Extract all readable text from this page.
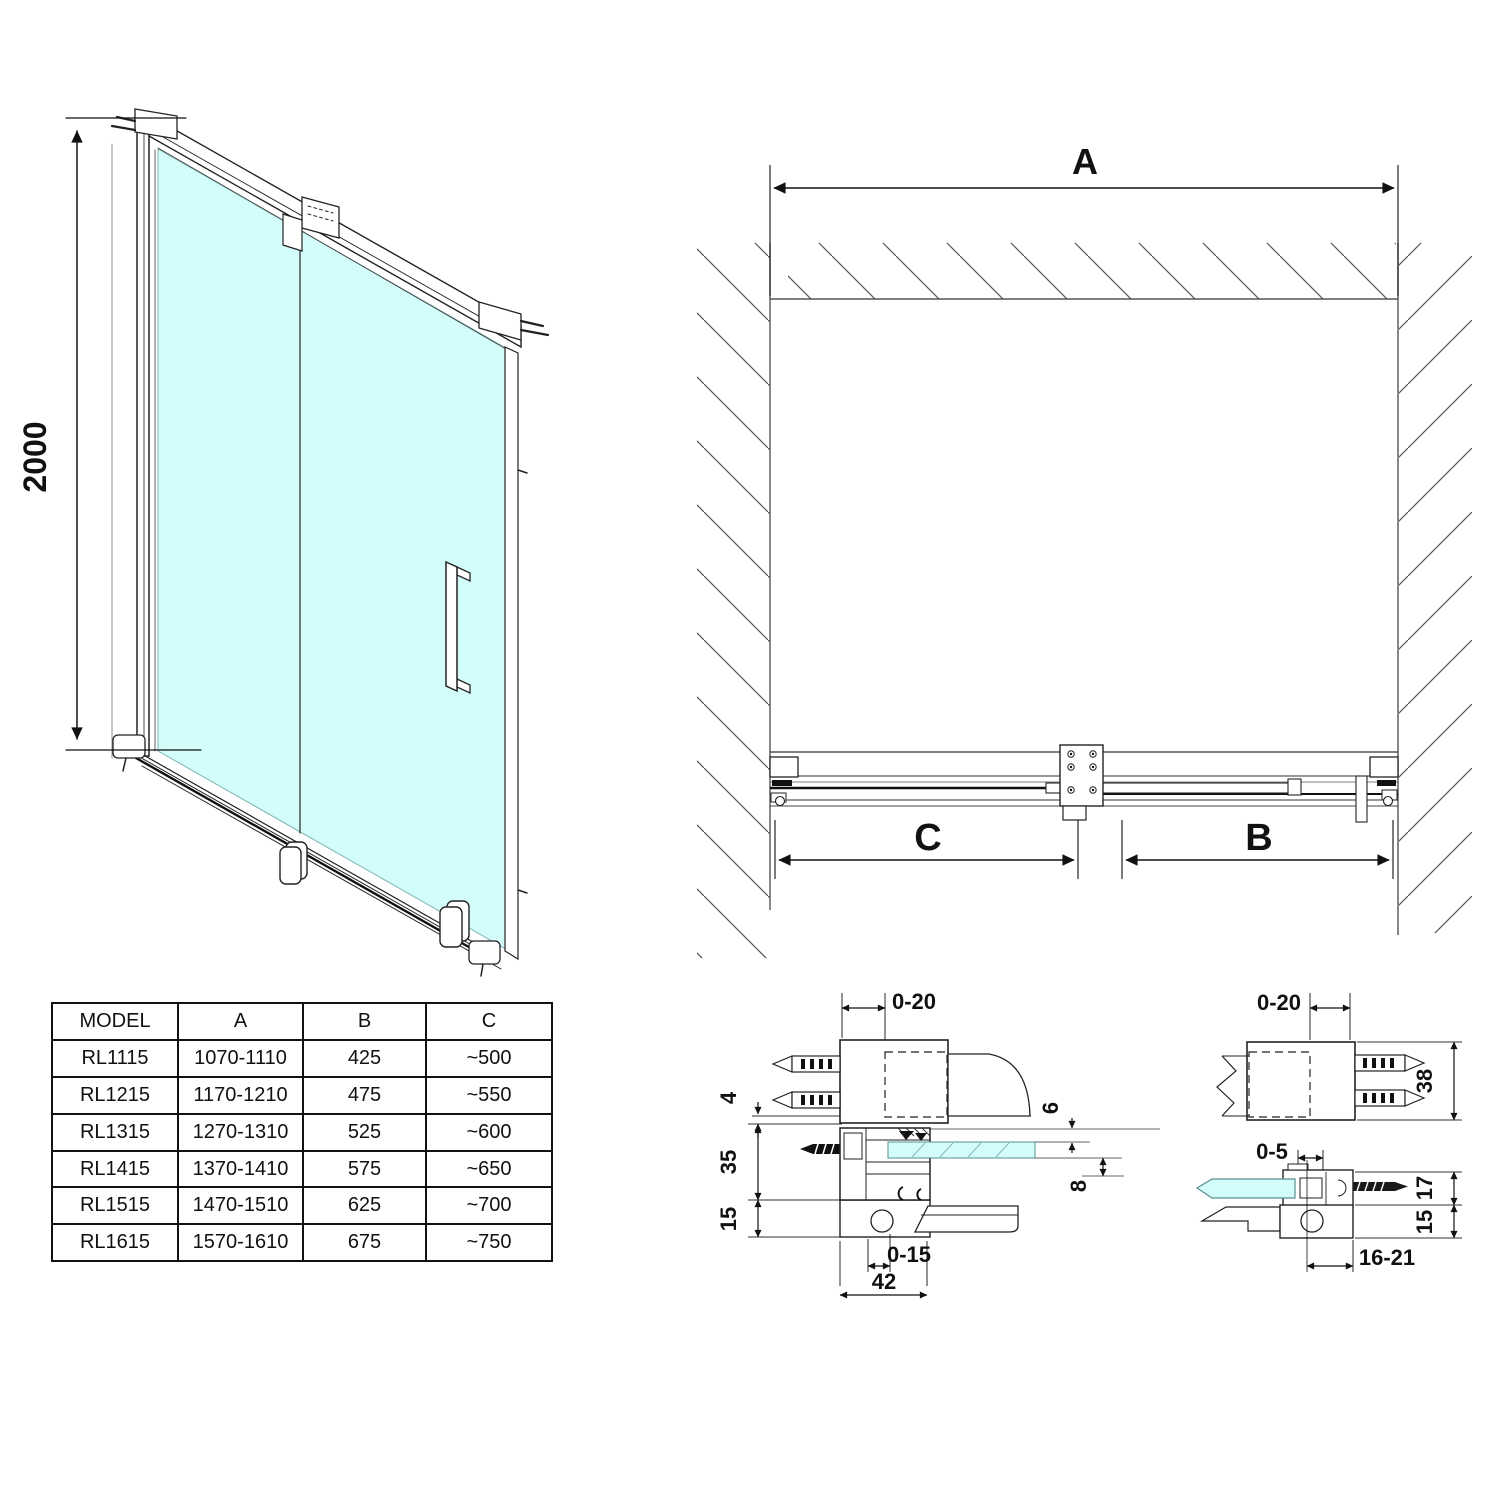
2000
A
C	B
0-20
4
35
15
6
8
0-15
42
0-20
38
0-5
17
15
16-21
MODEL	A	B	C
RL1115	1070-1110	425	~500
RL1215	1170-1210	475	~550
RL1315	1270-1310	525	~600
RL1415	1370-1410	575	~650
RL1515	1470-1510	625	~700
RL1615	1570-1610	675	~750
